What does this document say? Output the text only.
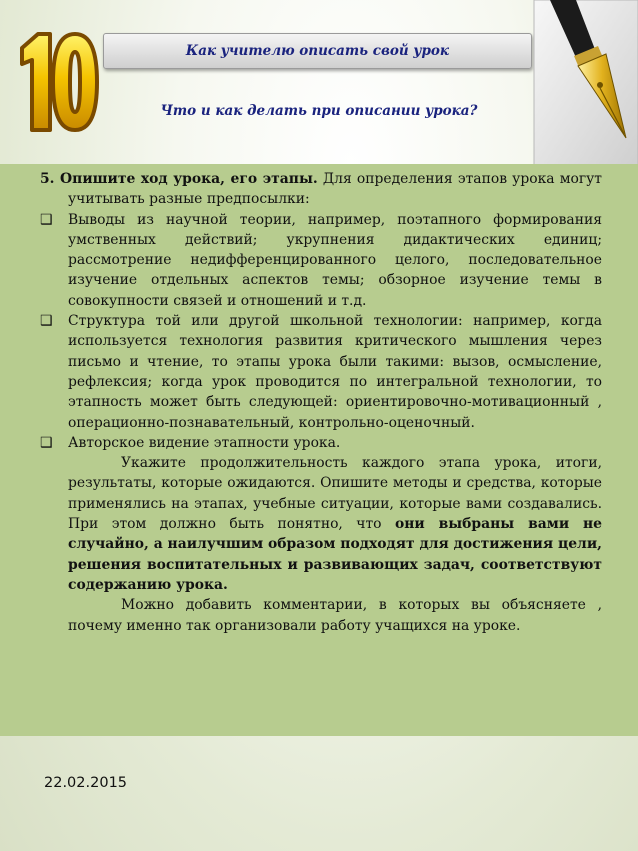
Как учителю описать свой урок
Что и как делать при описании урока?

5. Опишите ход урока, его этапы. Для определения этапов урока могут учитывать разные предпосылки:

❑	Выводы из научной теории, например, поэтапного формирования умственных действий; укрупнения дидактических единиц; рассмотрение недифференцированного целого, последовательное изучение отдельных аспектов темы; обзорное изучение темы в совокупности связей и отношений и т.д.

❑	Структура той или другой школьной технологии: например, когда используется технология развития критического мышления через письмо и чтение, то этапы урока были такими: вызов, осмысление, рефлексия; когда урок проводится по интегральной технологии, то этапность может быть следующей: ориентировочно-мотивационный , операционно-познавательный, контрольно-оценочный.

❑	Авторское видение этапности урока.

Укажите продолжительность каждого этапа урока, итоги, результаты, которые ожидаются. Опишите методы и средства, которые применялись на этапах, учебные ситуации, которые вами создавались. При этом должно быть понятно, что они выбраны вами не случайно, а наилучшим образом подходят для достижения цели, решения воспитательных и развивающих задач, соответствуют содержанию урока.

Можно добавить комментарии, в которых вы объясняете , почему именно так организовали работу учащихся на уроке.

22.02.2015
